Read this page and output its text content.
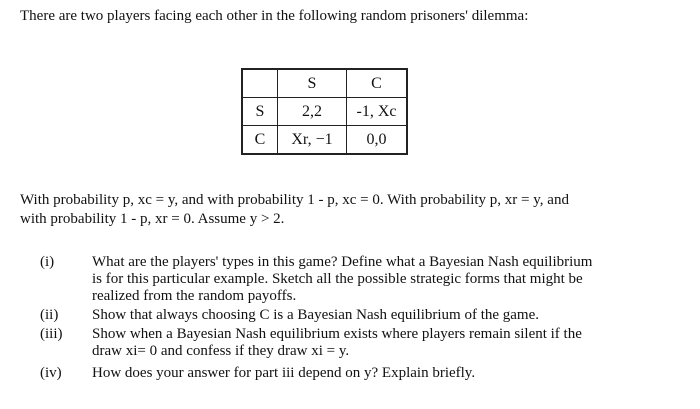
There are two players facing each other in the following random prisoners' dilemma:
	S	C
S	2,2	-1, Xc
C	Xr, −1	0,0
With probability p, xc = y, and with probability 1 - p, xc = 0. With probability p, xr = y, and
with probability 1 - p, xr = 0. Assume y > 2.
(i)	What are the players' types in this game? Define what a Bayesian Nash equilibrium
is for this particular example. Sketch all the possible strategic forms that might be
realized from the random payoffs.
(ii)	Show that always choosing C is a Bayesian Nash equilibrium of the game.
(iii)	Show when a Bayesian Nash equilibrium exists where players remain silent if the
draw xi= 0 and confess if they draw xi = y.
(iv)	How does your answer for part iii depend on y? Explain briefly.
